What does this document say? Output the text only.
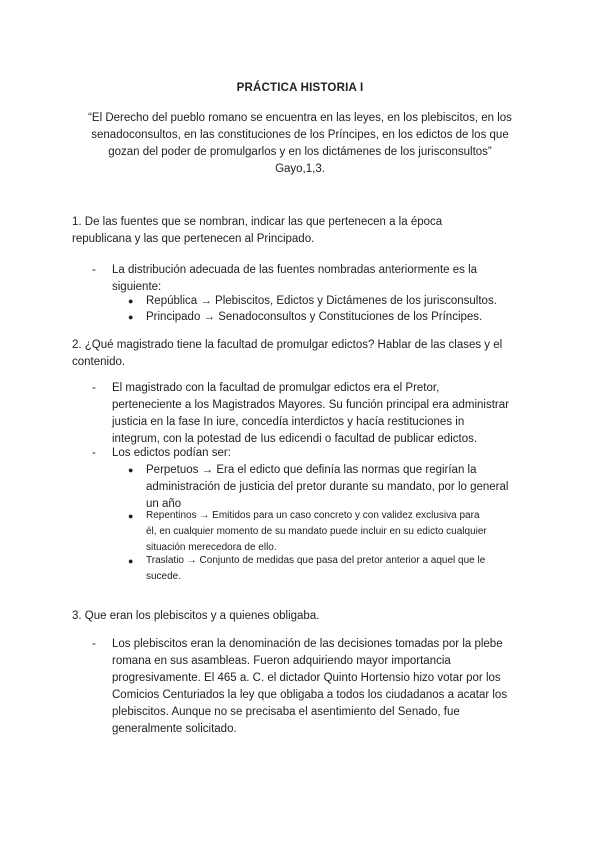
PRÁCTICA HISTORIA I
“El Derecho del pueblo romano se encuentra en las leyes, en los plebiscitos, en los
senadoconsultos, en las constituciones de los Príncipes, en los edictos de los que
gozan del poder de promulgarlos y en los dictámenes de los jurisconsultos”
Gayo,1,3.
1. De las fuentes que se nombran, indicar las que pertenecen a la época
republicana y las que pertenecen al Principado.
- La distribución adecuada de las fuentes nombradas anteriormente es la
siguiente:
● República → Plebiscitos, Edictos y Dictámenes de los jurisconsultos.
● Principado → Senadoconsultos y Constituciones de los Príncipes.
2. ¿Qué magistrado tiene la facultad de promulgar edictos? Hablar de las clases y el
contenido.
- El magistrado con la facultad de promulgar edictos era el Pretor,
perteneciente a los Magistrados Mayores. Su función principal era administrar
justicia en la fase In iure, concedía interdictos y hacía restituciones in
integrum, con la potestad de Ius edicendi o facultad de publicar edictos.
- Los edictos podían ser:
● Perpetuos → Era el edicto que definía las normas que regirían la
administración de justicia del pretor durante su mandato, por lo general
un año
● Repentinos → Emitidos para un caso concreto y con validez exclusiva para
él, en cualquier momento de su mandato puede incluir en su edicto cualquier
situación merecedora de ello.
● Traslatio → Conjunto de medidas que pasa del pretor anterior a aquel que le
sucede.
3. Que eran los plebiscitos y a quienes obligaba.
- Los plebiscitos eran la denominación de las decisiones tomadas por la plebe
romana en sus asambleas. Fueron adquiriendo mayor importancia
progresivamente. El 465 a. C. el dictador Quinto Hortensio hizo votar por los
Comicios Centuriados la ley que obligaba a todos los ciudadanos a acatar los
plebiscitos. Aunque no se precisaba el asentimiento del Senado, fue
generalmente solicitado.
